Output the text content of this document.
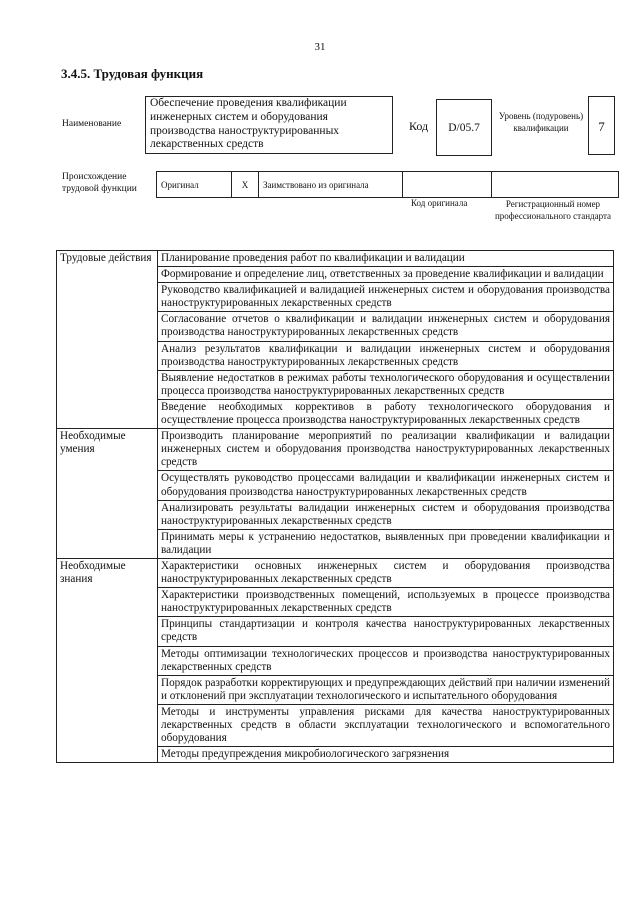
31
3.4.5. Трудовая функция
Наименование
Обеспечение проведения квалификации инженерных систем и оборудования производства наноструктурированных лекарственных средств
Код	D/05.7
Уровень (подуровень) квалификации	7
Происхождение трудовой функции	Оригинал	X	Заимствовано из оригинала		
Код оригинала	Регистрационный номер профессионального стандарта
Трудовые действия	Планирование проведения работ по квалификации и валидации
	Формирование и определение лиц, ответственных за проведение квалификации и валидации
	Руководство квалификацией и валидацией инженерных систем и оборудования производства наноструктурированных лекарственных средств
	Согласование отчетов о квалификации и валидации инженерных систем и оборудования производства наноструктурированных лекарственных средств
	Анализ результатов квалификации и валидации инженерных систем и оборудования производства наноструктурированных лекарственных средств
	Выявление недостатков в режимах работы технологического оборудования и осуществлении процесса производства наноструктурированных лекарственных средств
	Введение необходимых коррективов в работу технологического оборудования и осуществление процесса производства наноструктурированных лекарственных средств
Необходимые умения	Производить планирование мероприятий по реализации квалификации и валидации инженерных систем и оборудования производства наноструктурированных лекарственных средств
	Осуществлять руководство процессами валидации и квалификации инженерных систем и оборудования производства наноструктурированных лекарственных средств
	Анализировать результаты валидации инженерных систем и оборудования производства наноструктурированных лекарственных средств
	Принимать меры к устранению недостатков, выявленных при проведении квалификации и валидации
Необходимые знания	Характеристики основных инженерных систем и оборудования производства наноструктурированных лекарственных средств
	Характеристики производственных помещений, используемых в процессе производства наноструктурированных лекарственных средств
	Принципы стандартизации и контроля качества наноструктурированных лекарственных средств
	Методы оптимизации технологических процессов и производства наноструктурированных лекарственных средств
	Порядок разработки корректирующих и предупреждающих действий при наличии изменений и отклонений при эксплуатации технологического и испытательного оборудования
	Методы и инструменты управления рисками для качества наноструктурированных лекарственных средств в области эксплуатации технологического и вспомогательного оборудования
	Методы предупреждения микробиологического загрязнения
